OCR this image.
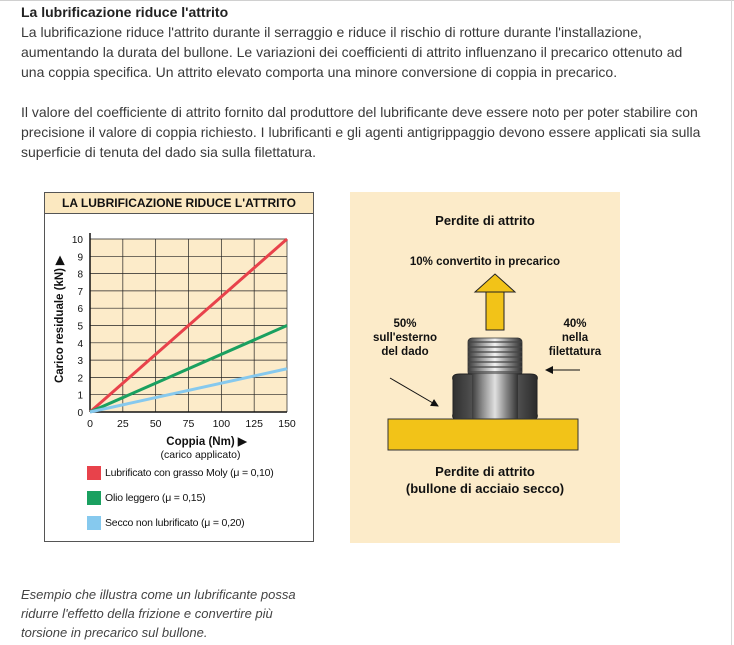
La lubrificazione riduce l'attrito
La lubrificazione riduce l'attrito durante il serraggio e riduce il rischio di rotture durante l'installazione,
aumentando la durata del bullone. Le variazioni dei coefficienti di attrito influenzano il precarico ottenuto ad
una coppia specifica. Un attrito elevato comporta una minore conversione di coppia in precarico.
Il valore del coefficiente di attrito fornito dal produttore del lubrificante deve essere noto per poter stabilire con
precisione il valore di coppia richiesto. I lubrificanti e gli agenti antigrippaggio devono essere applicati sia sulla
superficie di tenuta del dado sia sulla filettatura.
LA LUBRIFICAZIONE RIDUCE L'ATTRITO
0 25 50 75 100 125 150
0
1
2
3
4
5
6
7
8
9
10
Coppia (Nm) ▶
(carico applicato)
Carico residuale (kN) ▶
Lubrificato con grasso Moly (μ = 0,10)
Olio leggero (μ = 0,15)
Secco non lubrificato (μ = 0,20)
Perdite di attrito
10% convertito in precarico
50%
sull'esterno
del dado
40%
nella
filettatura
Perdite di attrito
(bullone di acciaio secco)
Esempio che illustra come un lubrificante possa
ridurre l'effetto della frizione e convertire più
torsione in precarico sul bullone.
